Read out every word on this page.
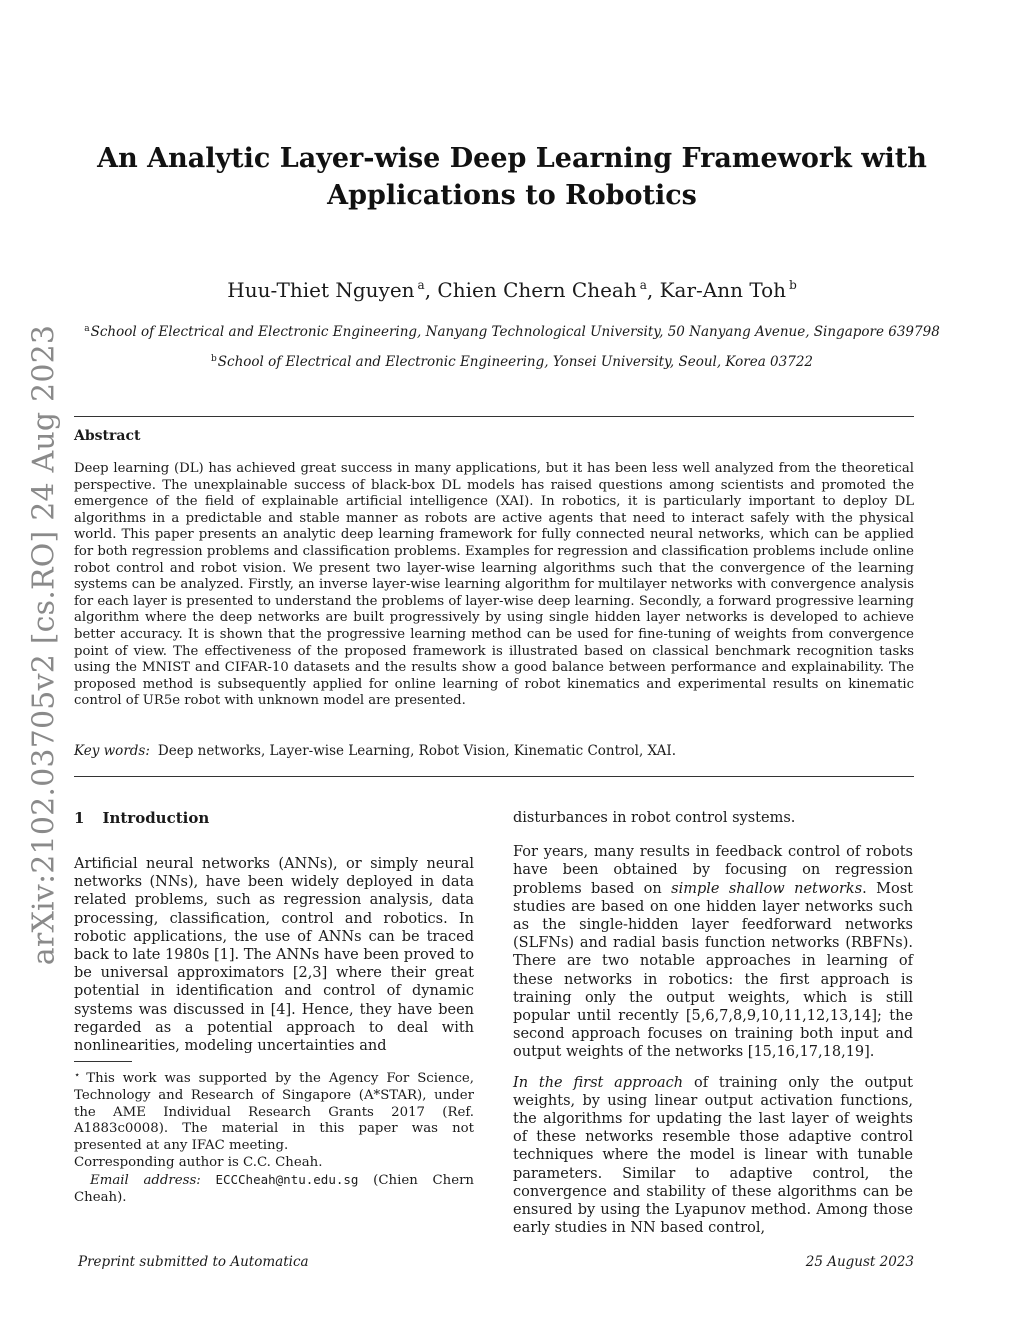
arXiv:2102.03705v2 [cs.RO] 24 Aug 2023
An Analytic Layer-wise Deep Learning Framework with
Applications to Robotics
Huu-Thiet Nguyen $^a$, Chien Chern Cheah $^a$, Kar-Ann Toh $^b$
$^a$School of Electrical and Electronic Engineering, Nanyang Technological University, 50 Nanyang Avenue, Singapore 639798
$^b$School of Electrical and Electronic Engineering, Yonsei University, Seoul, Korea 03722
Abstract
Deep learning (DL) has achieved great success in many applications, but it has been less well analyzed from the theoretical perspective. The unexplainable success of black-box DL models has raised questions among scientists and promoted the emergence of the field of explainable artificial intelligence (XAI). In robotics, it is particularly important to deploy DL algorithms in a predictable and stable manner as robots are active agents that need to interact safely with the physical world. This paper presents an analytic deep learning framework for fully connected neural networks, which can be applied for both regression problems and classification problems. Examples for regression and classification problems include online robot control and robot vision. We present two layer-wise learning algorithms such that the convergence of the learning systems can be analyzed. Firstly, an inverse layer-wise learning algorithm for multilayer networks with convergence analysis for each layer is presented to understand the problems of layer-wise deep learning. Secondly, a forward progressive learning algorithm where the deep networks are built progressively by using single hidden layer networks is developed to achieve better accuracy. It is shown that the progressive learning method can be used for fine-tuning of weights from convergence point of view. The effectiveness of the proposed framework is illustrated based on classical benchmark recognition tasks using the MNIST and CIFAR-10 datasets and the results show a good balance between performance and explainability. The proposed method is subsequently applied for online learning of robot kinematics and experimental results on kinematic control of UR5e robot with unknown model are presented.
Key words: Deep networks, Layer-wise Learning, Robot Vision, Kinematic Control, XAI.
1 Introduction

Artificial neural networks (ANNs), or simply neural networks (NNs), have been widely deployed in data related problems, such as regression analysis, data processing, classification, control and robotics. In robotic applications, the use of ANNs can be traced back to late 1980s [1]. The ANNs have been proved to be universal approximators [2,3] where their great potential in identification and control of dynamic systems was discussed in [4]. Hence, they have been regarded as a potential approach to deal with nonlinearities, modeling uncertainties and

⋆ This work was supported by the Agency For Science, Technology and Research of Singapore (A*STAR), under the AME Individual Research Grants 2017 (Ref. A1883c0008). The material in this paper was not presented at any IFAC meeting.

Corresponding author is C.C. Cheah.

Email address: ECCCheah@ntu.edu.sg (Chien Chern Cheah).

disturbances in robot control systems.

For years, many results in feedback control of robots have been obtained by focusing on regression problems based on simple shallow networks. Most studies are based on one hidden layer networks such as the single-hidden layer feedforward networks (SLFNs) and radial basis function networks (RBFNs). There are two notable approaches in learning of these networks in robotics: the first approach is training only the output weights, which is still popular until recently [5,6,7,8,9,10,11,12,13,14]; the second approach focuses on training both input and output weights of the networks [15,16,17,18,19].

In the first approach of training only the output weights, by using linear output activation functions, the algorithms for updating the last layer of weights of these networks resemble those adaptive control techniques where the model is linear with tunable parameters. Similar to adaptive control, the convergence and stability of these algorithms can be ensured by using the Lyapunov method. Among those early studies in NN based control,

Preprint submitted to Automatica	25 August 2023
